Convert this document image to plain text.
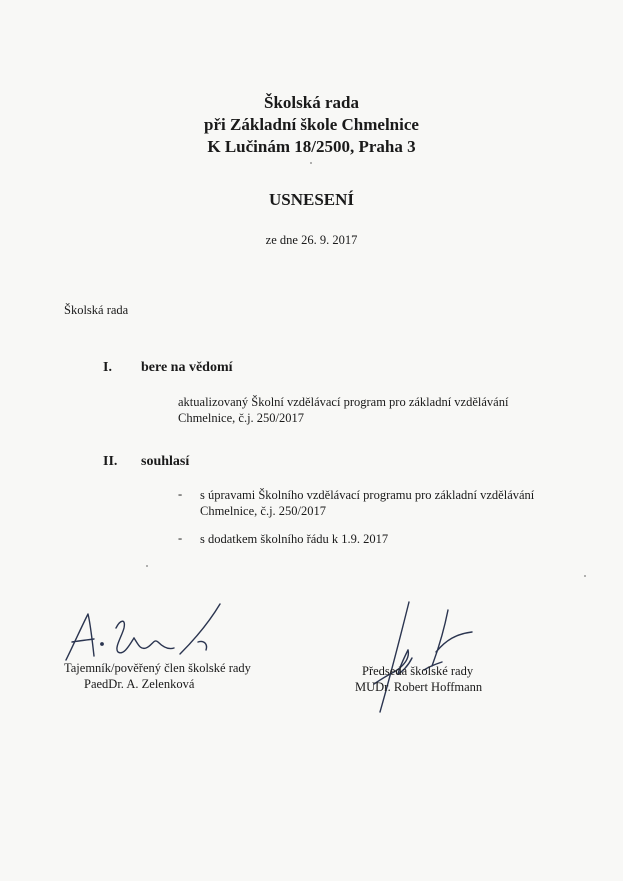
Školská rada
při Základní škole Chmelnice
K Lučinám 18/2500, Praha 3
USNESENÍ
ze dne 26. 9. 2017
Školská rada
I. bere na vědomí
aktualizovaný Školní vzdělávací program pro základní vzdělávání
Chmelnice, č.j. 250/2017
II. souhlasí
- s úpravami Školního vzdělávací programu pro základní vzdělávání
Chmelnice, č.j. 250/2017
- s dodatkem školního řádu k 1.9. 2017
Tajemník/pověřený člen školské rady
PaedDr. A. Zelenková
Předseda školské rady
MUDr. Robert Hoffmann
